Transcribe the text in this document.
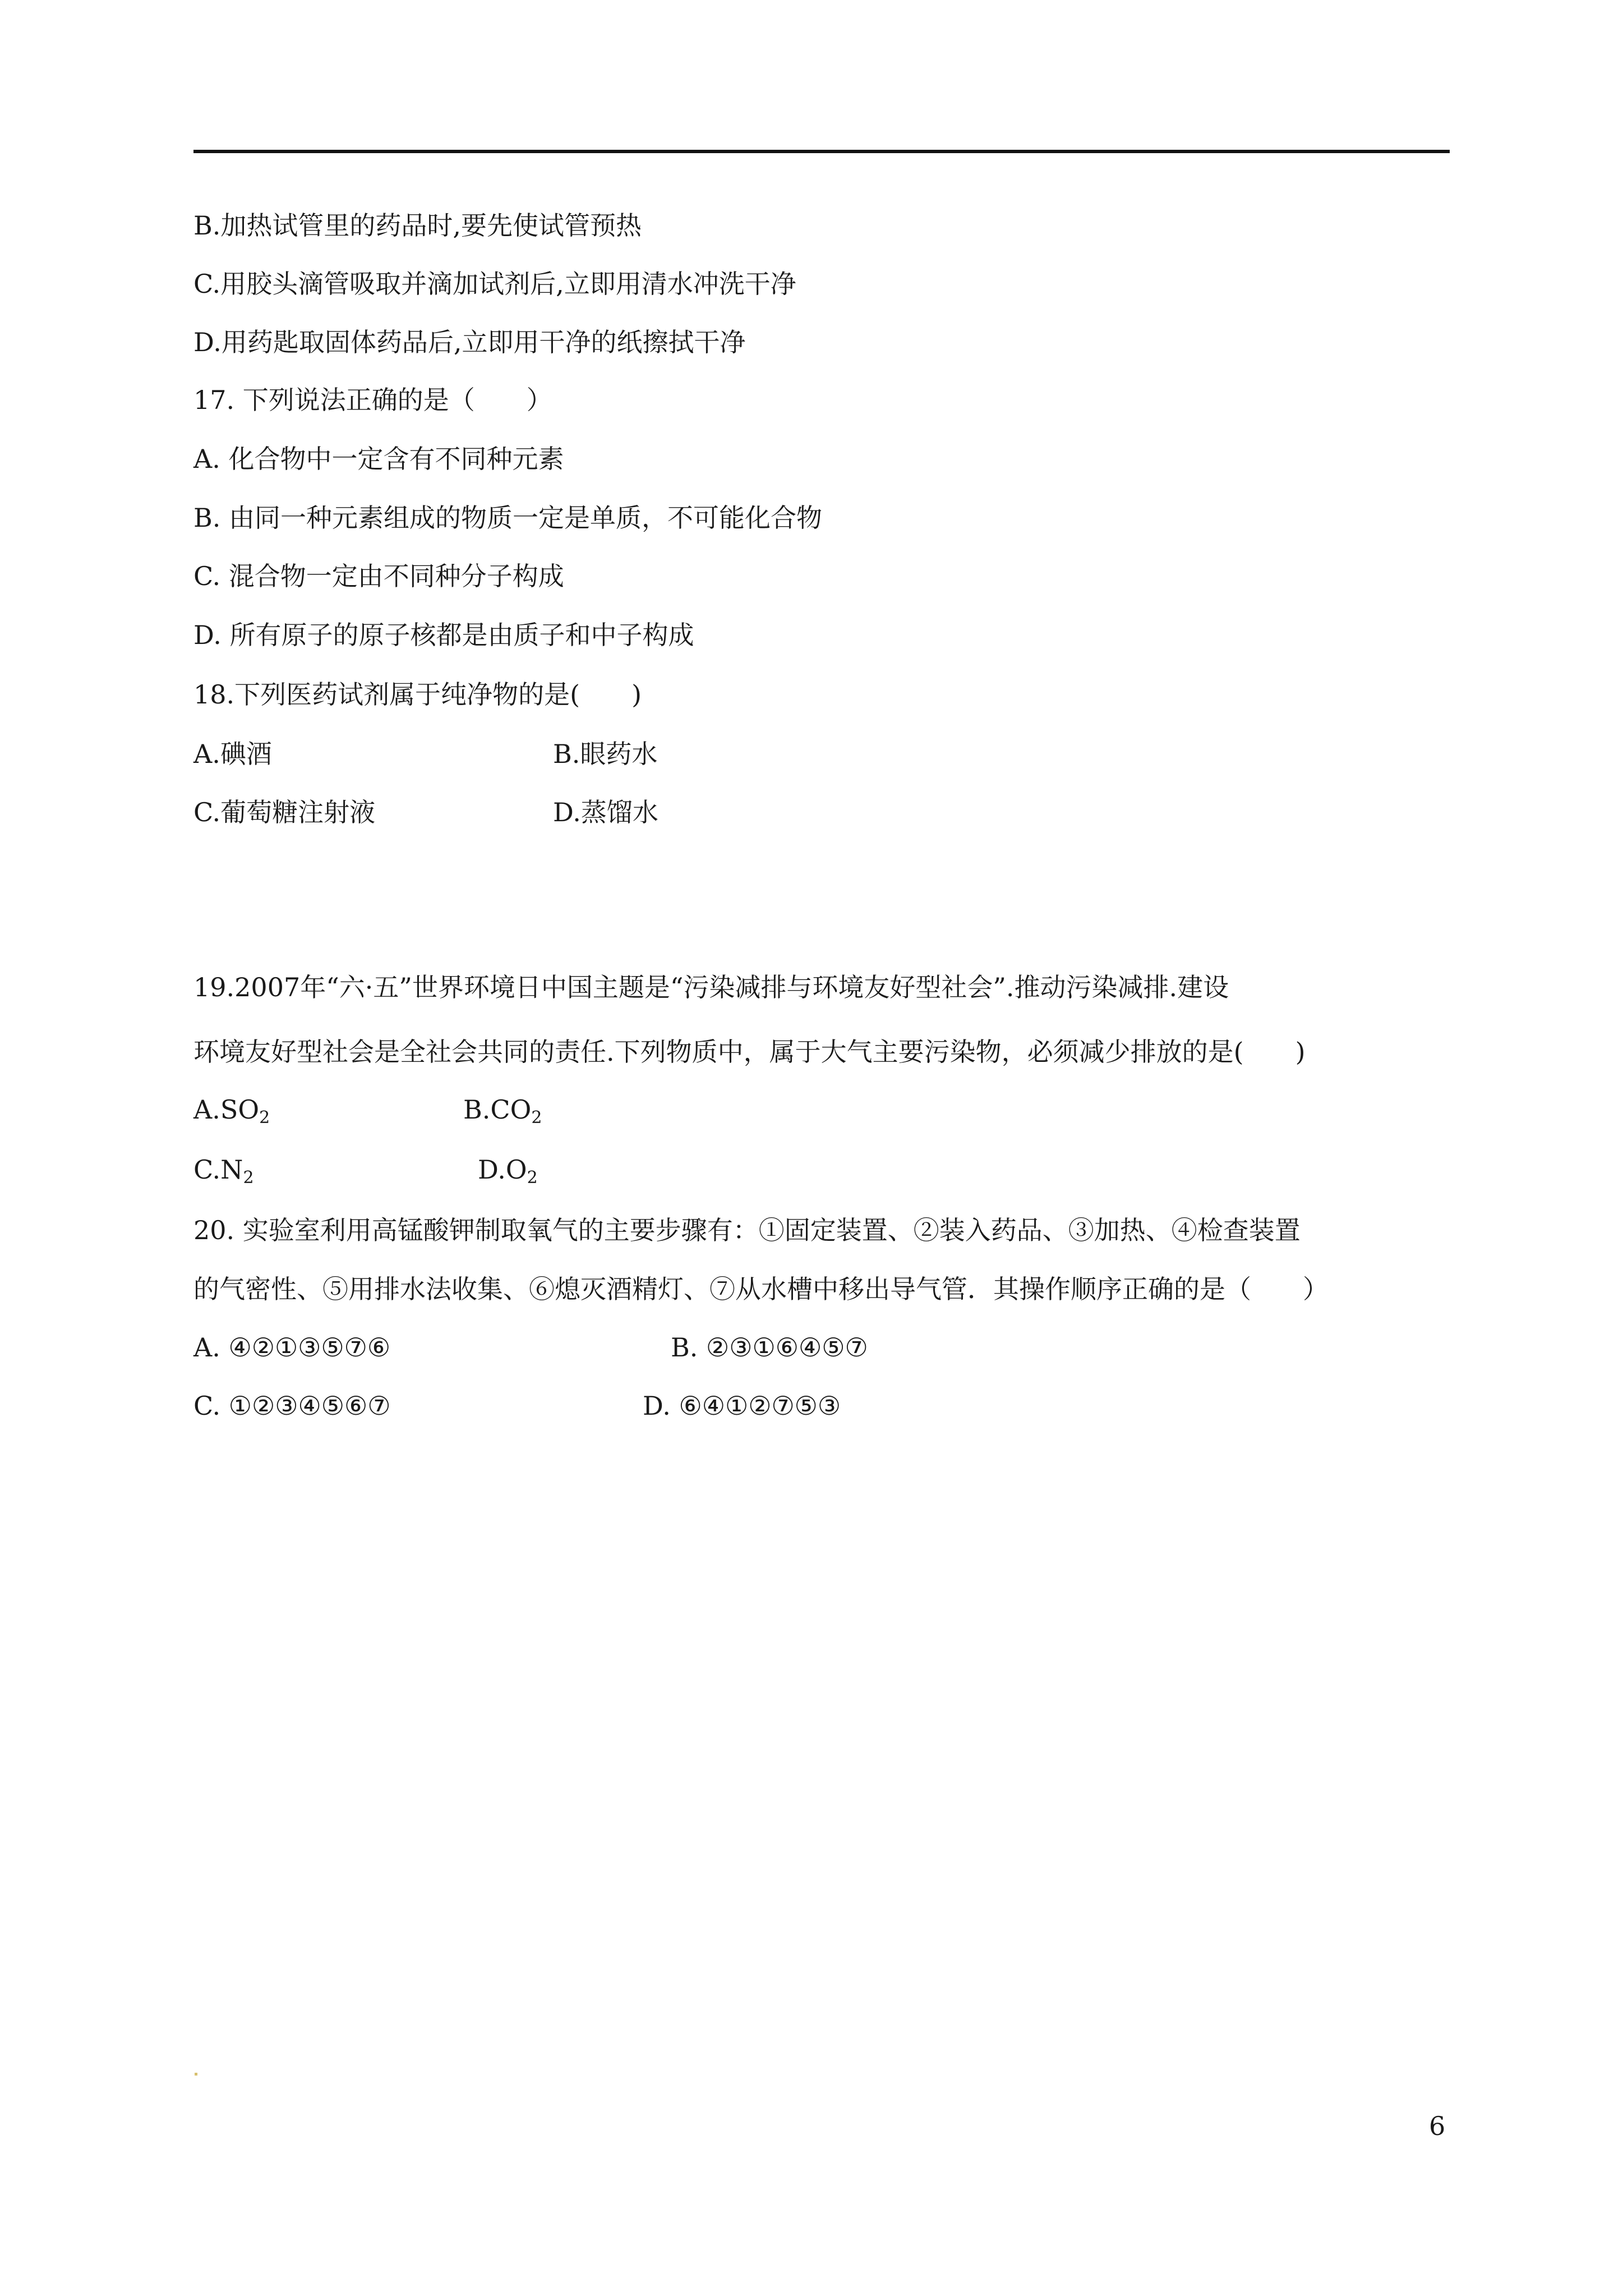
B.加热试管里的药品时,要先使试管预热
C.用胶头滴管吸取并滴加试剂后,立即用清水冲洗干净
D.用药匙取固体药品后,立即用干净的纸擦拭干净
17. 下列说法正确的是（　　）
A. 化合物中一定含有不同种元素
B. 由同一种元素组成的物质一定是单质，不可能化合物
C. 混合物一定由不同种分子构成
D. 所有原子的原子核都是由质子和中子构成
18.下列医药试剂属于纯净物的是(　　)
A.碘酒	B.眼药水
C.葡萄糖注射液	D.蒸馏水
19.2007年“六·五”世界环境日中国主题是“污染减排与环境友好型社会”.推动污染减排.建设
环境友好型社会是全社会共同的责任.下列物质中，属于大气主要污染物，必须减少排放的是(　　)
$A.SO_2$	$B.CO_2$
$C.N_2$	$D.O_2$
20. 实验室利用高锰酸钾制取氧气的主要步骤有：①固定装置、②装入药品、③加热、④检查装置
的气密性、⑤用排水法收集、⑥熄灭酒精灯、⑦从水槽中移出导气管．其操作顺序正确的是（　　）
A. ④②①③⑤⑦⑥	B. ②③①⑥④⑤⑦
C. ①②③④⑤⑥⑦	D. ⑥④①②⑦⑤③
6
